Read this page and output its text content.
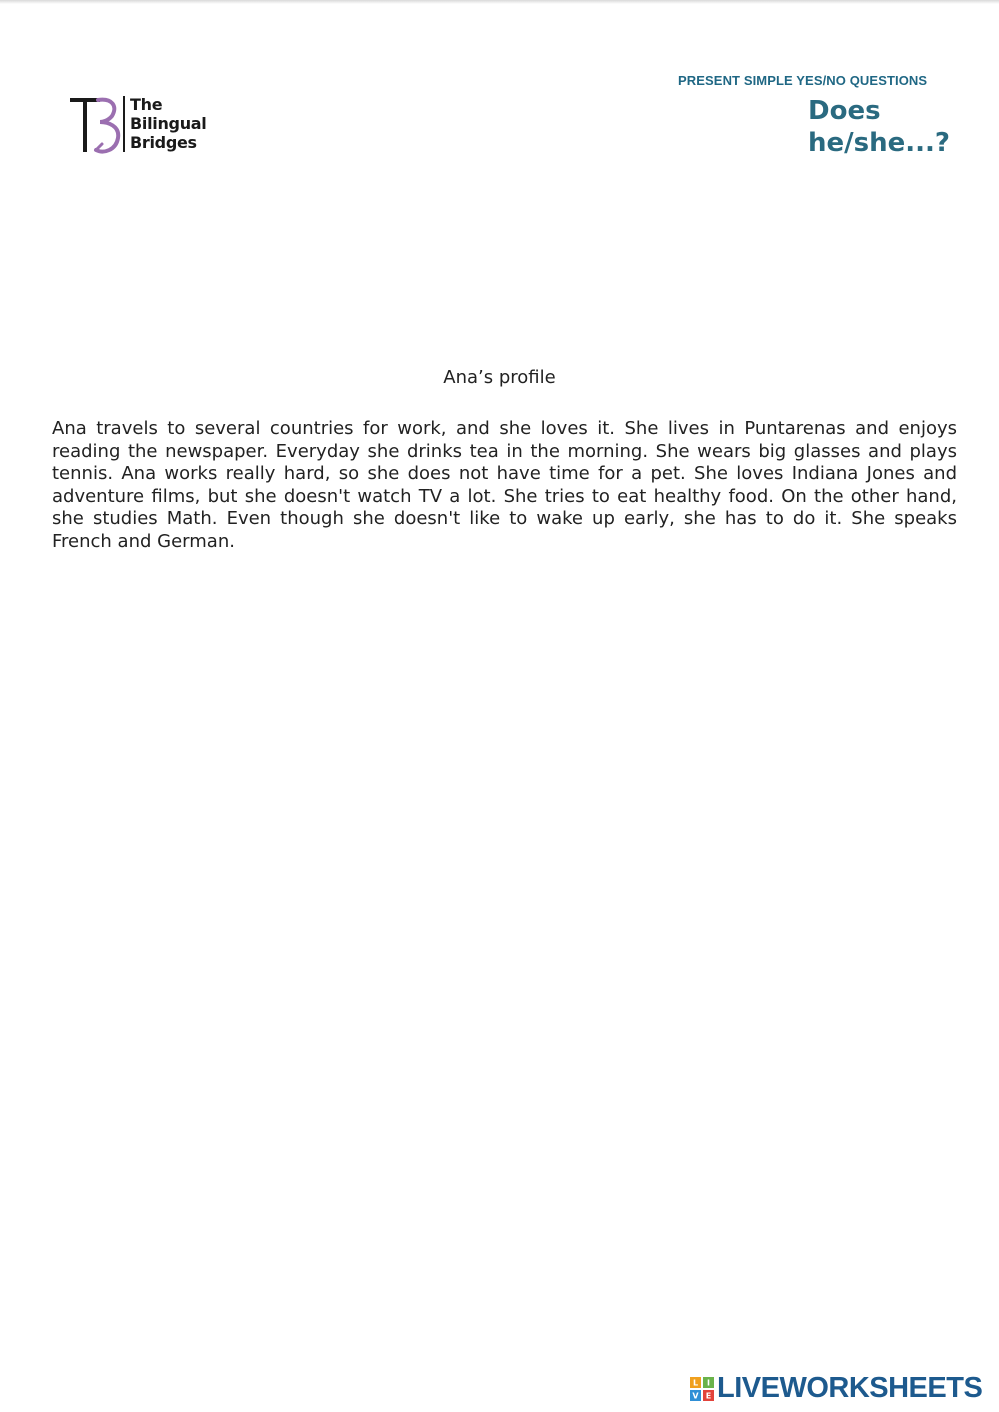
The
Bilingual
Bridges
PRESENT SIMPLE YES/NO QUESTIONS
Does
he/she...?
Ana’s profile

Ana travels to several countries for work, and she loves it. She lives in Puntarenas and enjoys reading the newspaper. Everyday she drinks tea in the morning. She wears big glasses and plays tennis. Ana works really hard, so she does not have time for a pet. She loves Indiana Jones and adventure films, but she doesn't watch TV a lot. She tries to eat healthy food. On the other hand, she studies Math. Even though she doesn't like to wake up early, she has to do it. She speaks French and German.

L I
V E LIVEWORKSHEETS
